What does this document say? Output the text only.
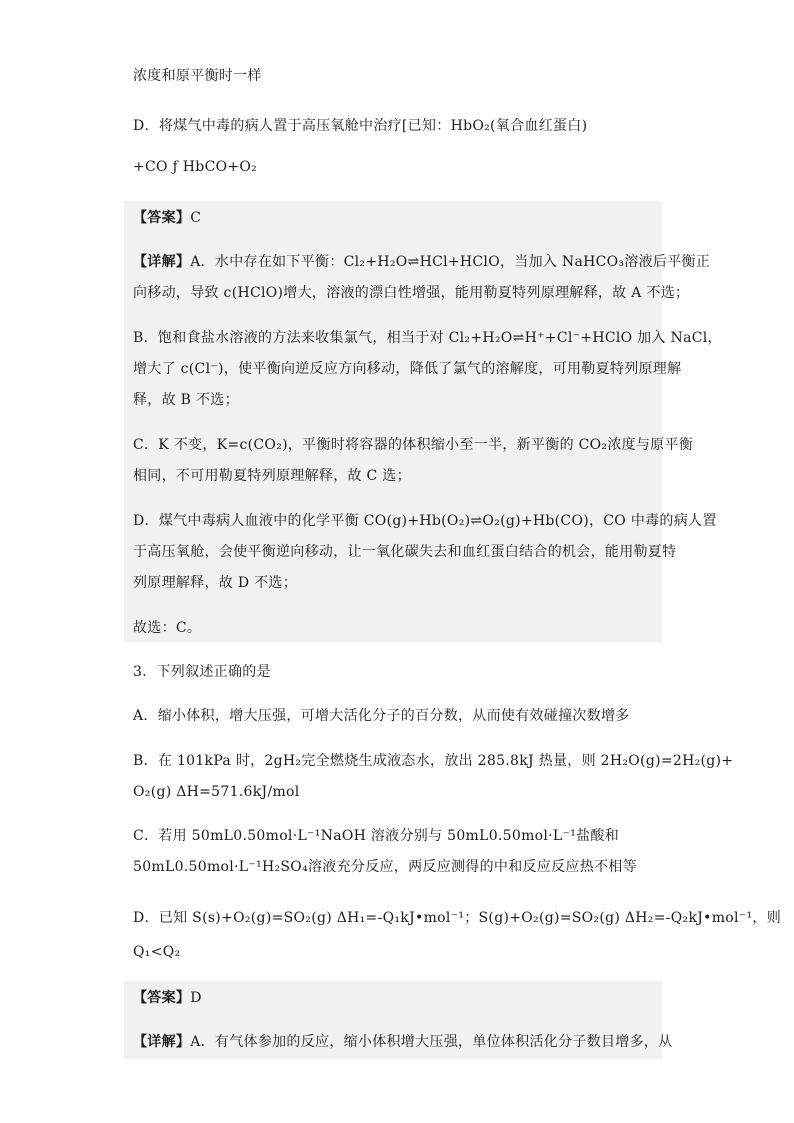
浓度和原平衡时一样
D．将煤气中毒的病人置于高压氧舱中治疗[已知：HbO₂(氧合血红蛋白)
+CO ƒ HbCO+O₂
【答案】C
【详解】A．水中存在如下平衡：Cl₂+H₂O⇌HCl+HClO，当加入 NaHCO₃溶液后平衡正
向移动，导致 c(HClO)增大，溶液的漂白性增强，能用勒夏特列原理解释，故 A 不选；
B．饱和食盐水溶液的方法来收集氯气，相当于对 Cl₂+H₂O⇌H⁺+Cl⁻+HClO 加入 NaCl，
增大了 c(Cl⁻)，使平衡向逆反应方向移动，降低了氯气的溶解度，可用勒夏特列原理解
释，故 B 不选；
C．K 不变，K=c(CO₂)，平衡时将容器的体积缩小至一半，新平衡的 CO₂浓度与原平衡
相同，不可用勒夏特列原理解释，故 C 选；
D．煤气中毒病人血液中的化学平衡 CO(g)+Hb(O₂)⇌O₂(g)+Hb(CO)，CO 中毒的病人置
于高压氧舱，会使平衡逆向移动，让一氧化碳失去和血红蛋白结合的机会，能用勒夏特
列原理解释，故 D 不选；
故选：C。
3．下列叙述正确的是
A．缩小体积，增大压强，可增大活化分子的百分数，从而使有效碰撞次数增多
B．在 101kPa 时，2gH₂完全燃烧生成液态水，放出 285.8kJ 热量，则 2H₂O(g)=2H₂(g)+
O₂(g) ΔH=571.6kJ/mol
C．若用 50mL0.50mol·L⁻¹NaOH 溶液分别与 50mL0.50mol·L⁻¹盐酸和
50mL0.50mol·L⁻¹H₂SO₄溶液充分反应，两反应测得的中和反应反应热不相等
D．已知 S(s)+O₂(g)=SO₂(g) ΔH₁=-Q₁kJ•mol⁻¹；S(g)+O₂(g)=SO₂(g) ΔH₂=-Q₂kJ•mol⁻¹，则
Q₁<Q₂
【答案】D
【详解】A．有气体参加的反应，缩小体积增大压强，单位体积活化分子数目增多，从
